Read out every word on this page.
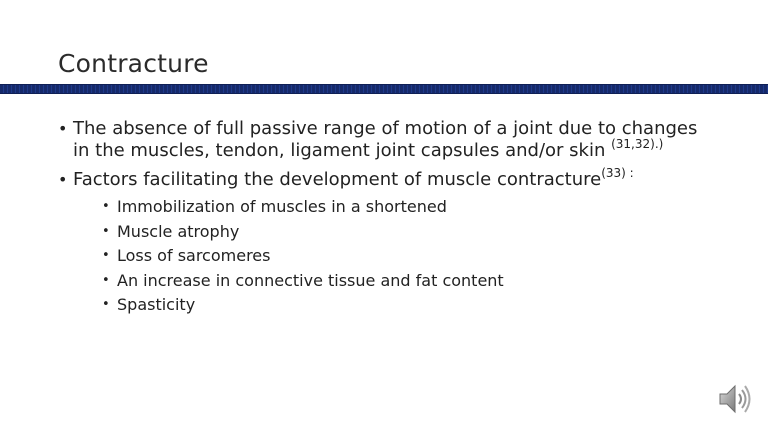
Contracture
• The absence of full passive range of motion of a joint due to changes in the muscles, tendon, ligament joint capsules and/or skin $^{(31,32).)}$
• Factors facilitating the development of muscle contracture$^{(33) :}$
• Immobilization of muscles in a shortened
• Muscle atrophy
• Loss of sarcomeres
• An increase in connective tissue and fat content
• Spasticity
